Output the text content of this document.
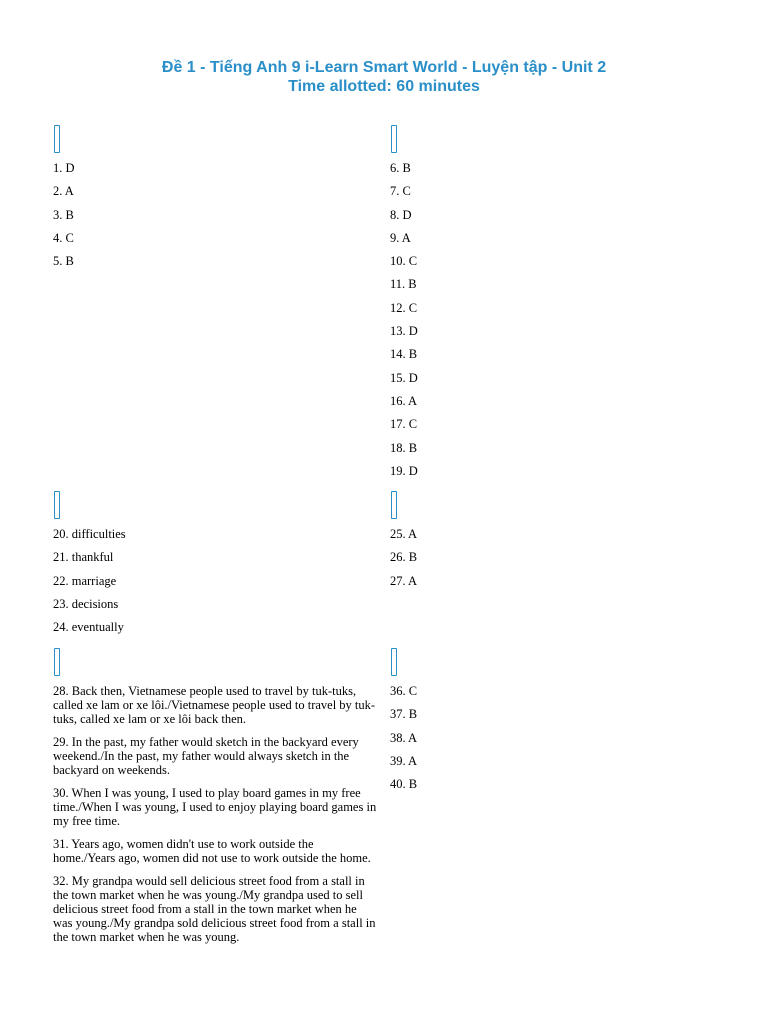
Đề 1 - Tiếng Anh 9 i-Learn Smart World - Luyện tập - Unit 2
Time allotted: 60 minutes
1. D
2. A
3. B
4. C
5. B
6. B
7. C
8. D
9. A
10. C
11. B
12. C
13. D
14. B
15. D
16. A
17. C
18. B
19. D
20. difficulties
21. thankful
22. marriage
23. decisions
24. eventually
25. A
26. B
27. A
28. Back then, Vietnamese people used to travel by tuk-tuks, called xe lam or xe lôi./Vietnamese people used to travel by tuk-tuks, called xe lam or xe lôi back then.
29. In the past, my father would sketch in the backyard every weekend./In the past, my father would always sketch in the backyard on weekends.
30. When I was young, I used to play board games in my free time./When I was young, I used to enjoy playing board games in my free time.
31. Years ago, women didn't use to work outside the home./Years ago, women did not use to work outside the home.
32. My grandpa would sell delicious street food from a stall in the town market when he was young./My grandpa used to sell delicious street food from a stall in the town market when he was young./My grandpa sold delicious street food from a stall in the town market when he was young.
36. C
37. B
38. A
39. A
40. B
